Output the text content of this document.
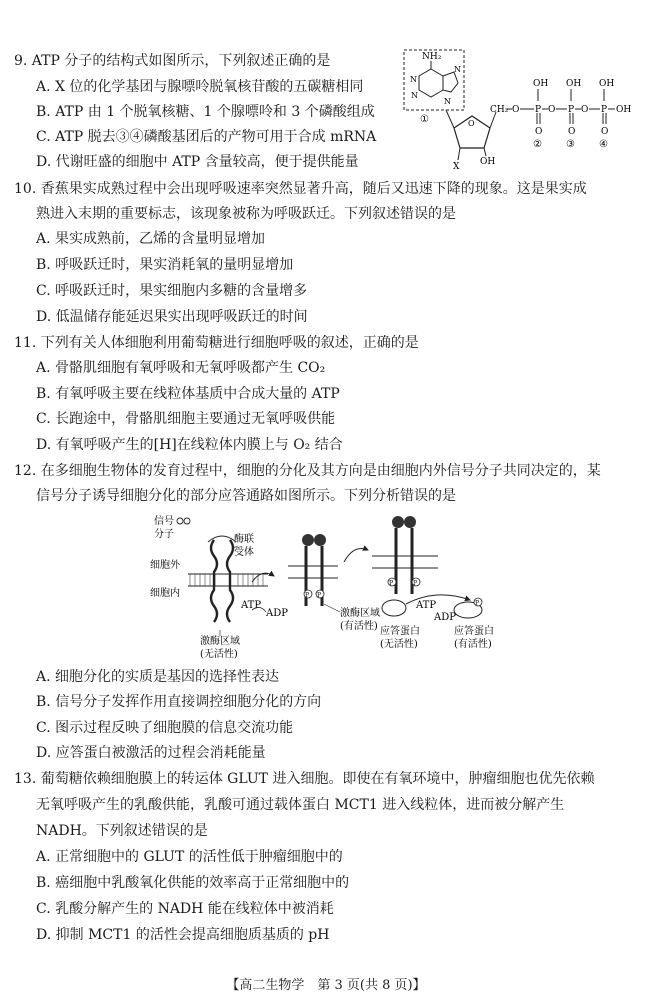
9. ATP 分子的结构式如图所示，下列叙述正确的是
A. X 位的化学基团与腺嘌呤脱氧核苷酸的五碳糖相同
B. ATP 由 1 个脱氧核糖、1 个腺嘌呤和 3 个磷酸组成
C. ATP 脱去③④磷酸基团后的产物可用于合成 mRNA
D. 代谢旺盛的细胞中 ATP 含量较高，便于提供能量
NH₂
N
N
N
N
①	O
X OH
CH₂ O P O P O P OH
OH OH OH
O	O	O
② ③ ④
10. 香蕉果实成熟过程中会出现呼吸速率突然显著升高，随后又迅速下降的现象。这是果实成
熟进入末期的重要标志，该现象被称为呼吸跃迁。下列叙述错误的是
A. 果实成熟前，乙烯的含量明显增加
B. 呼吸跃迁时，果实消耗氧的量明显增加
C. 呼吸跃迁时，果实细胞内多糖的含量增多
D. 低温储存能延迟果实出现呼吸跃迁的时间
11. 下列有关人体细胞利用葡萄糖进行细胞呼吸的叙述，正确的是
A. 骨骼肌细胞有氧呼吸和无氧呼吸都产生 CO₂
B. 有氧呼吸主要在线粒体基质中合成大量的 ATP
C. 长跑途中，骨骼肌细胞主要通过无氧呼吸供能
D. 有氧呼吸产生的[H]在线粒体内膜上与 O₂ 结合
12. 在多细胞生物体的发育过程中，细胞的分化及其方向是由细胞内外信号分子共同决定的，某
信号分子诱导细胞分化的部分应答通路如图所示。下列分析错误的是
信号
分子	酶联
受体
细胞外
细胞内
激酶区域
(无活性)
ATP
ADP
P P
激酶区域
(有活性)
P	P
应答蛋白
(无活性)
ATP
ADP
P
应答蛋白
(有活性)
A. 细胞分化的实质是基因的选择性表达
B. 信号分子发挥作用直接调控细胞分化的方向
C. 图示过程反映了细胞膜的信息交流功能
D. 应答蛋白被激活的过程会消耗能量
13. 葡萄糖依赖细胞膜上的转运体 GLUT 进入细胞。即使在有氧环境中，肿瘤细胞也优先依赖
无氧呼吸产生的乳酸供能，乳酸可通过载体蛋白 MCT1 进入线粒体，进而被分解产生
NADH。下列叙述错误的是
A. 正常细胞中的 GLUT 的活性低于肿瘤细胞中的
B. 癌细胞中乳酸氧化供能的效率高于正常细胞中的
C. 乳酸分解产生的 NADH 能在线粒体中被消耗
D. 抑制 MCT1 的活性会提高细胞质基质的 pH
【高二生物学　第 3 页(共 8 页)】
